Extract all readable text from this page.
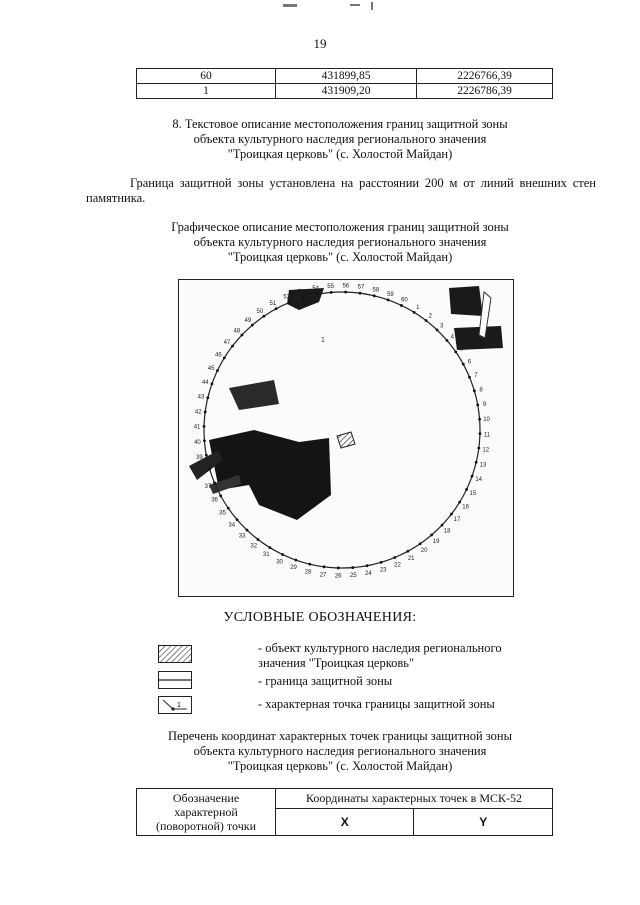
19
60	431899,85	2226766,39
1	431909,20	2226786,39
8. Текстовое описание местоположения границ защитной зоны
объекта культурного наследия регионального значения
"Троицкая церковь" (с. Холостой Майдан)
Граница защитной зоны установлена на расстоянии 200 м от линий внешних стен памятника.
Графическое описание местоположения границ защитной зоны
объекта культурного наследия регионального значения
"Троицкая церковь" (с. Холостой Майдан)
1
1
2
3
4
5
6
7
8
9
10
11
12
13
14
15
16
17
18
19
20
21
22
23
24
25
26
27
28
29
30
31
32
33
34
35
36
37
38
39
40
41
42
43
44
45
46
47
48
49
50
51
52
53
54 55 56 57 58
59
60
УСЛОВНЫЕ ОБОЗНАЧЕНИЯ:
- объект культурного наследия регионального
значения "Троицкая церковь"
- граница защитной зоны
1	- характерная точка границы защитной зоны
Перечень координат характерных точек границы защитной зоны
объекта культурного наследия регионального значения
"Троицкая церковь" (с. Холостой Майдан)
Обозначение
характерной
(поворотной) точки	Координаты характерных точек в МСК-52	
	X	Y
